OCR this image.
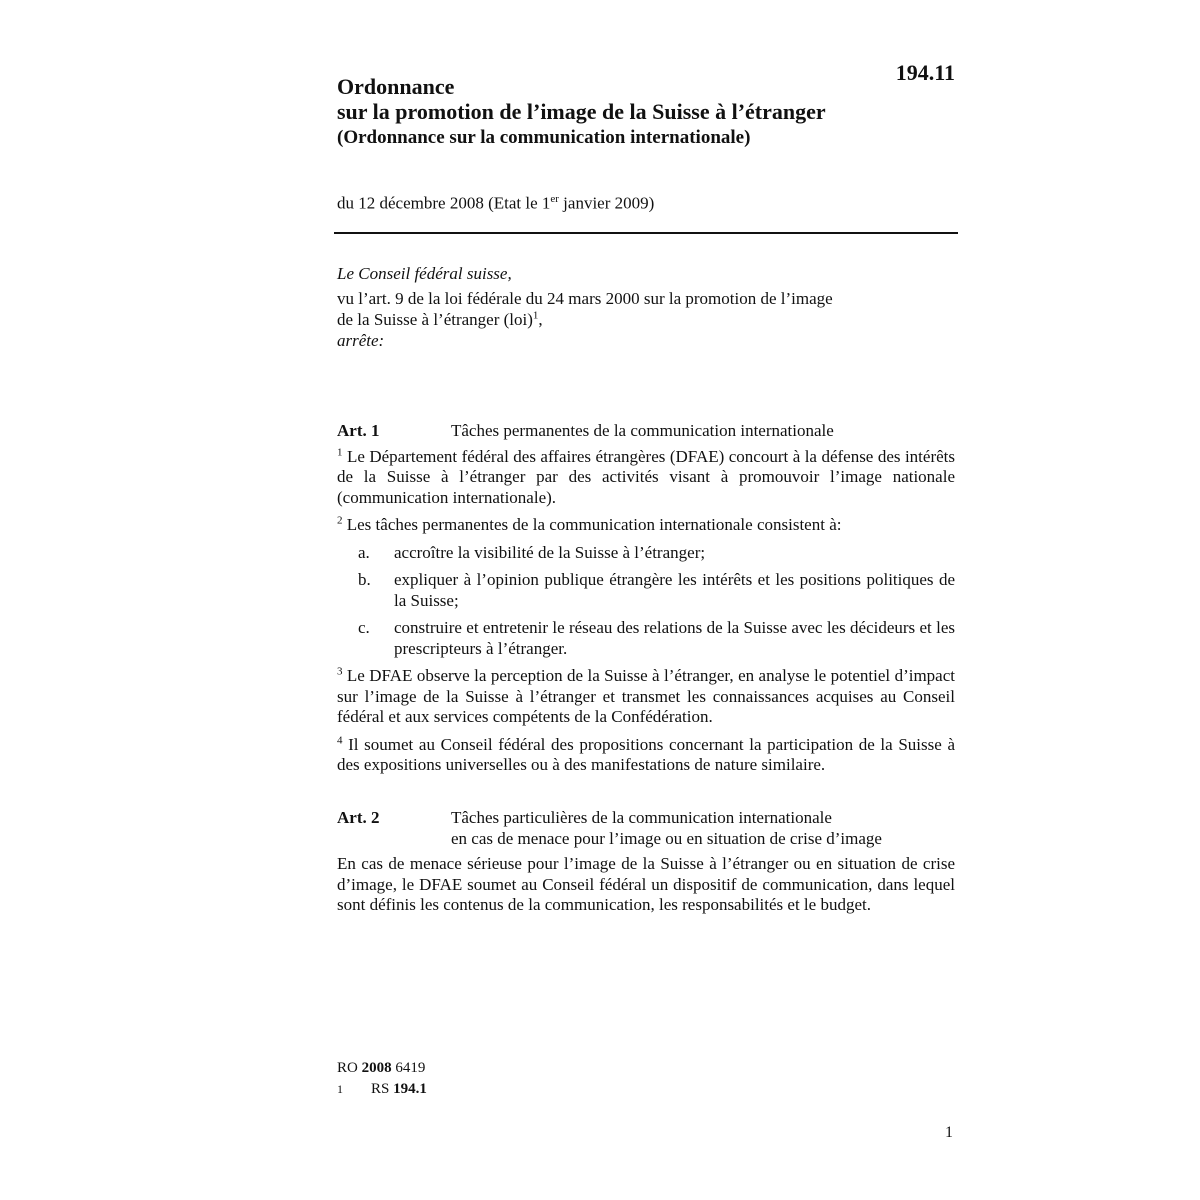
194.11
Ordonnance
sur la promotion de l’image de la Suisse à l’étranger
(Ordonnance sur la communication internationale)
du 12 décembre 2008 (Etat le 1er janvier 2009)
Le Conseil fédéral suisse,

vu l’art. 9 de la loi fédérale du 24 mars 2000 sur la promotion de l’image
de la Suisse à l’étranger (loi)$^1$,

arrête:
Art. 1	Tâches permanentes de la communication internationale

$^1$ Le Département fédéral des affaires étrangères (DFAE) concourt à la défense des intérêts de la Suisse à l’étranger par des activités visant à promouvoir l’image nationale (communication internationale).

$^2$ Les tâches permanentes de la communication internationale consistent à:

a.	accroître la visibilité de la Suisse à l’étranger;
b.	expliquer à l’opinion publique étrangère les intérêts et les positions politiques de la Suisse;
c.	construire et entretenir le réseau des relations de la Suisse avec les décideurs et les prescripteurs à l’étranger.

$^3$ Le DFAE observe la perception de la Suisse à l’étranger, en analyse le potentiel d’impact sur l’image de la Suisse à l’étranger et transmet les connaissances acquises au Conseil fédéral et aux services compétents de la Confédération.

$^4$ Il soumet au Conseil fédéral des propositions concernant la participation de la Suisse à des expositions universelles ou à des manifestations de nature similaire.

Art. 2	Tâches particulières de la communication internationale
en cas de menace pour l’image ou en situation de crise d’image

En cas de menace sérieuse pour l’image de la Suisse à l’étranger ou en situation de crise d’image, le DFAE soumet au Conseil fédéral un dispositif de communication, dans lequel sont définis les contenus de la communication, les responsabilités et le budget.

RO 2008 6419
1	RS 194.1
1
